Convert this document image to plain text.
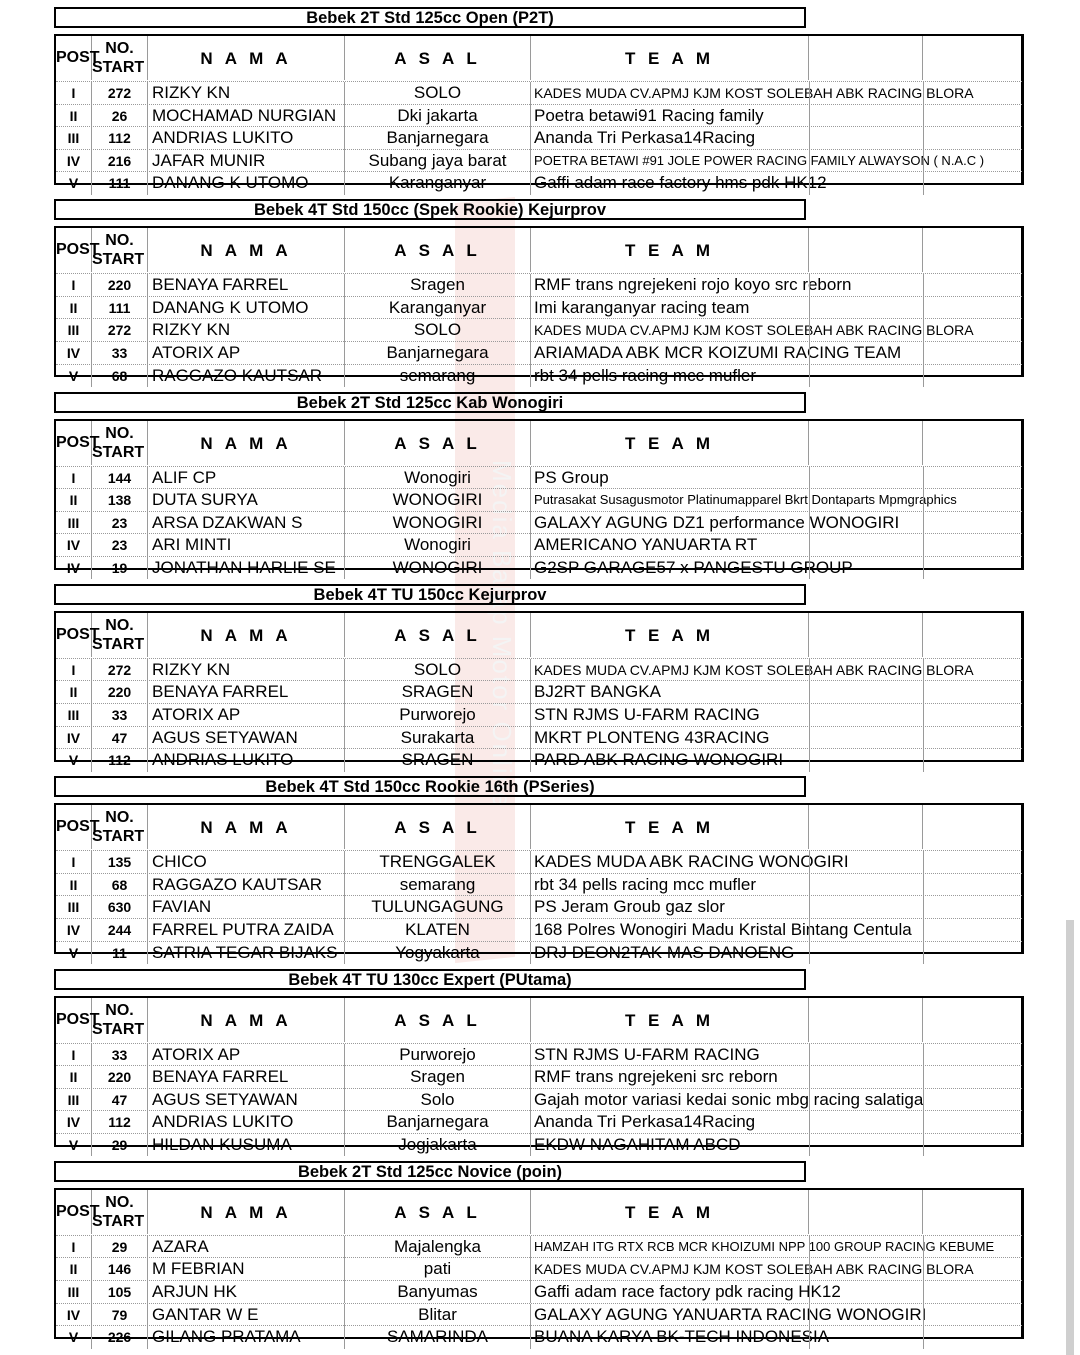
Media Balap Motor Online
Bebek 2T Std 125cc Open (P2T)
POST
NO.
START	N A M A	A S A L	T E A M
I	272	RIZKY KN	SOLO	KADES MUDA CV.APMJ KJM KOST SOLEBAH ABK RACING BLORA
II	26	MOCHAMAD NURGIAN	Dki jakarta	Poetra betawi91 Racing family
III	112	ANDRIAS LUKITO	Banjarnegara	Ananda Tri Perkasa14Racing
IV	216	JAFAR MUNIR	Subang jaya barat	POETRA BETAWI #91 JOLE POWER RACING FAMILY ALWAYSON ( N.A.C )
V	111	DANANG K UTOMO	Karanganyar	Gaffi adam race factory hms pdk HK12
Bebek 4T Std 150cc (Spek Rookie) Kejurprov
POST
NO.
START	N A M A	A S A L	T E A M
I	220	BENAYA FARREL	Sragen	RMF trans ngrejekeni rojo koyo src reborn
II	111	DANANG K UTOMO	Karanganyar	Imi karanganyar racing team
III	272	RIZKY KN	SOLO	KADES MUDA CV.APMJ KJM KOST SOLEBAH ABK RACING BLORA
IV	33	ATORIX AP	Banjarnegara	ARIAMADA ABK MCR KOIZUMI RACING TEAM
V	68	RAGGAZO KAUTSAR	semarang	rbt 34 pells racing mcc mufler
Bebek 2T Std 125cc Kab Wonogiri
POST
NO.
START	N A M A	A S A L	T E A M
I	144	ALIF CP	Wonogiri	PS Group
II	138	DUTA SURYA	WONOGIRI	Putrasakat Susagusmotor Platinumapparel Bkrt Dontaparts Mpmgraphics
III	23	ARSA DZAKWAN S	WONOGIRI	GALAXY AGUNG DZ1 performance WONOGIRI
IV	23	ARI MINTI	Wonogiri	AMERICANO YANUARTA RT
IV	19	JONATHAN HARLIE SE	WONOGIRI	G2SP GARAGE57 x PANGESTU GROUP
Bebek 4T TU 150cc Kejurprov
POST
NO.
START	N A M A	A S A L	T E A M
I	272	RIZKY KN	SOLO	KADES MUDA CV.APMJ KJM KOST SOLEBAH ABK RACING BLORA
II	220	BENAYA FARREL	SRAGEN	BJ2RT BANGKA
III	33	ATORIX AP	Purworejo	STN RJMS U-FARM RACING
IV	47	AGUS SETYAWAN	Surakarta	MKRT PLONTENG 43RACING
V	112	ANDRIAS LUKITO	SRAGEN	PARD ABK RACING WONOGIRI
Bebek 4T Std 150cc Rookie 16th (PSeries)
POST
NO.
START	N A M A	A S A L	T E A M
I	135	CHICO	TRENGGALEK	KADES MUDA ABK RACING WONOGIRI
II	68	RAGGAZO KAUTSAR	semarang	rbt 34 pells racing mcc mufler
III	630	FAVIAN	TULUNGAGUNG	PS Jeram Groub gaz slor
IV	244	FARREL PUTRA ZAIDA	KLATEN	168 Polres Wonogiri Madu Kristal Bintang Centula
V	11	SATRIA TEGAR BIJAKS	Yogyakarta	DRJ DEON2TAK MAS DANOENG
Bebek 4T TU 130cc Expert (PUtama)
POST
NO.
START	N A M A	A S A L	T E A M
I	33	ATORIX AP	Purworejo	STN RJMS U-FARM RACING
II	220	BENAYA FARREL	Sragen	RMF trans ngrejekeni src reborn
III	47	AGUS SETYAWAN	Solo	Gajah motor variasi kedai sonic mbg racing salatiga
IV	112	ANDRIAS LUKITO	Banjarnegara	Ananda Tri Perkasa14Racing
V	29	HILDAN KUSUMA	Jogjakarta	EKDW NAGAHITAM ABCD
Bebek 2T Std 125cc Novice (poin)
POST
NO.
START	N A M A	A S A L	T E A M
I	29	AZARA	Majalengka	HAMZAH ITG RTX RCB MCR KHOIZUMI NPP 100 GROUP RACING KEBUME
II	146	M FEBRIAN	pati	KADES MUDA CV.APMJ KJM KOST SOLEBAH ABK RACING BLORA
III	105	ARJUN HK	Banyumas	Gaffi adam race factory pdk racing HK12
IV	79	GANTAR W E	Blitar	GALAXY AGUNG YANUARTA RACING WONOGIRI
V	226	GILANG PRATAMA	SAMARINDA	BUANA KARYA BK-TECH INDONESIA
